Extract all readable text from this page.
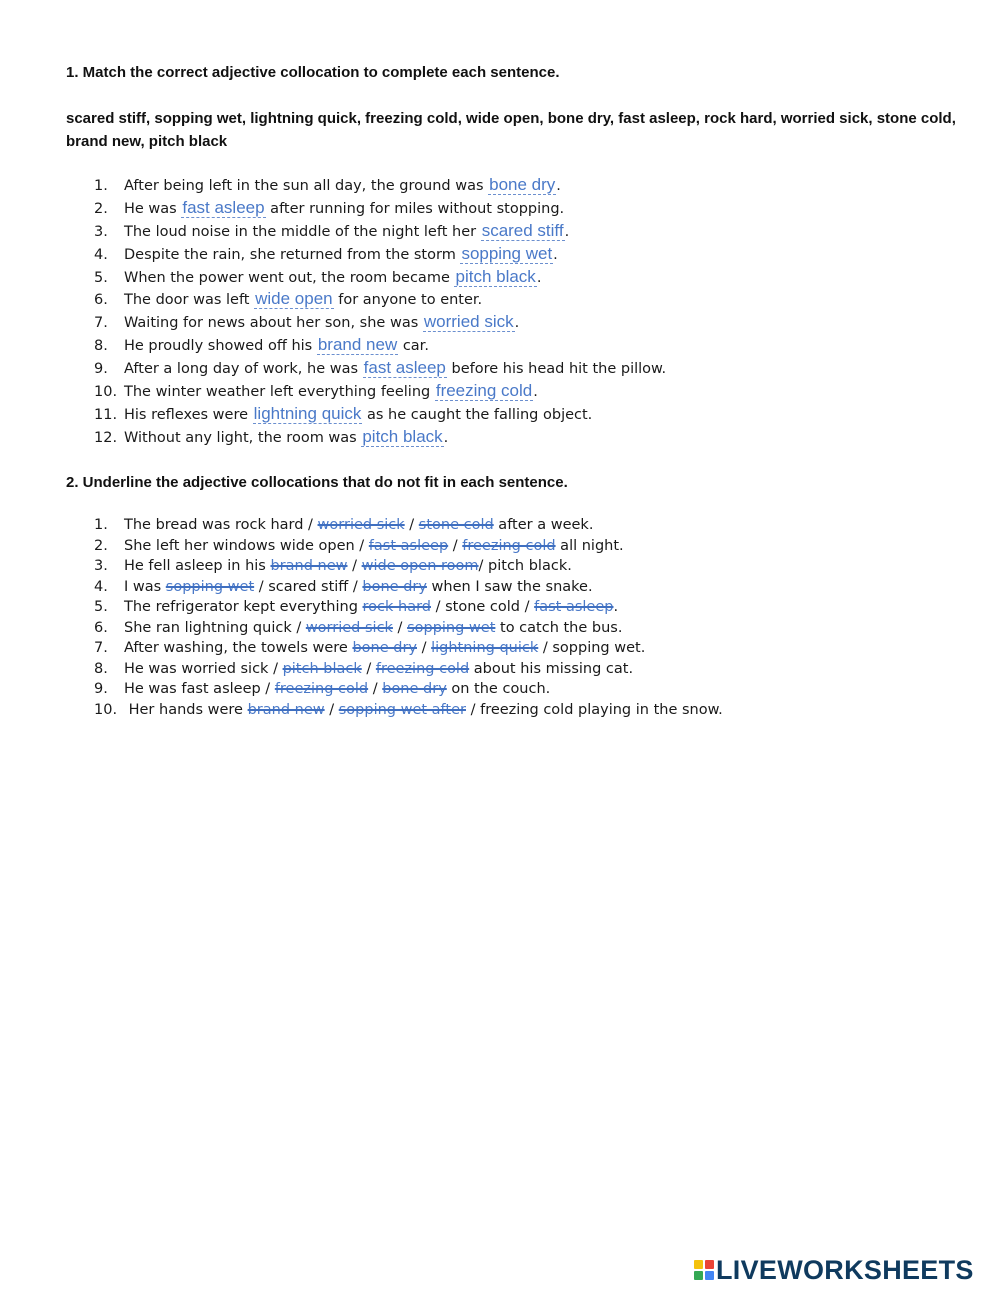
1. Match the correct adjective collocation to complete each sentence.
scared stiff, sopping wet, lightning quick, freezing cold, wide open, bone dry, fast asleep, rock hard, worried sick, stone cold, brand new, pitch black
1. After being left in the sun all day, the ground was bone dry.
2. He was fast asleep after running for miles without stopping.
3. The loud noise in the middle of the night left her scared stiff.
4. Despite the rain, she returned from the storm sopping wet.
5. When the power went out, the room became pitch black.
6. The door was left wide open for anyone to enter.
7. Waiting for news about her son, she was worried sick.
8. He proudly showed off his brand new car.
9. After a long day of work, he was fast asleep before his head hit the pillow.
10. The winter weather left everything feeling freezing cold.
11. His reflexes were lightning quick as he caught the falling object.
12. Without any light, the room was pitch black.
2. Underline the adjective collocations that do not fit in each sentence.
1. The bread was rock hard / worried sick / stone cold after a week.
2. She left her windows wide open / fast asleep / freezing cold all night.
3. He fell asleep in his brand new / wide open room/ pitch black.
4. I was sopping wet / scared stiff / bone dry when I saw the snake.
5. The refrigerator kept everything rock hard / stone cold / fast asleep.
6. She ran lightning quick / worried sick / sopping wet to catch the bus.
7. After washing, the towels were bone dry / lightning quick / sopping wet.
8. He was worried sick / pitch black / freezing cold about his missing cat.
9. He was fast asleep / freezing cold / bone dry on the couch.
10. Her hands were brand new / sopping wet after / freezing cold playing in the snow.
LIVEWORKSHEETS
